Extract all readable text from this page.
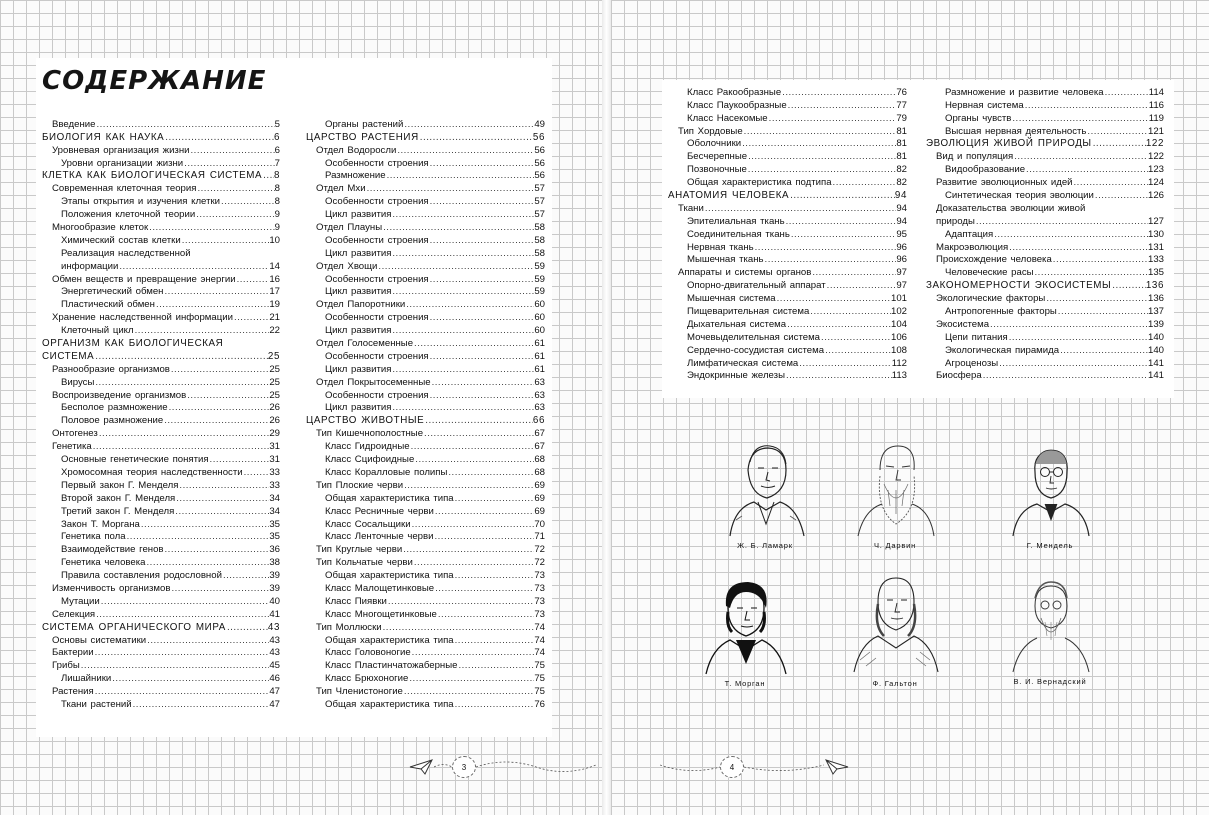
СОДЕРЖАНИЕ
Введение .....	5
БИОЛОГИЯ КАК НАУКА .....	6
Уровневая организация жизни .....	6
Уровни организации жизни .....	7
КЛЕТКА КАК БИОЛОГИЧЕСКАЯ СИСТЕМА ..... 8
Современная клеточная теория .....	8
Этапы открытия и изучения клетки .....	8
Положения клеточной теории .....	9
Многообразие клеток .....	9
Химический состав клетки .....	10
Реализация наследственной
информации .....	14
Обмен веществ и превращение энергии .....	16
Энергетический обмен .....	17
Пластический обмен .....	19
Хранение наследственной информации .....	21
Клеточный цикл .....	22
ОРГАНИЗМ КАК БИОЛОГИЧЕСКАЯ
СИСТЕМА .....	25
Разнообразие организмов .....	25
Вирусы .....	25
Воспроизведение организмов .....	25
Бесполое размножение .....	26
Половое размножение .....	26
Онтогенез .....	29
Генетика .....	31
Основные генетические понятия .....	31
Хромосомная теория наследственности .....	33
Первый закон Г. Менделя .....	33
Второй закон Г. Менделя .....	34
Третий закон Г. Менделя .....	34
Закон Т. Моргана .....	35
Генетика пола .....	35
Взаимодействие генов .....	36
Генетика человека .....	38
Правила составления родословной .....	39
Изменчивость организмов .....	39
Мутации .....	40
Селекция .....	41
СИСТЕМА ОРГАНИЧЕСКОГО МИРА .....	43
Основы систематики .....	43
Бактерии .....	43
Грибы .....	45
Лишайники .....	46
Растения .....	47
Ткани растений .....	47
Органы растений .....	49
ЦАРСТВО РАСТЕНИЯ .....	56
Отдел Водоросли .....	56
Особенности строения .....	56
Размножение .....	56
Отдел Мхи .....	57
Особенности строения .....	57
Цикл развития .....	57
Отдел Плауны .....	58
Особенности строения .....	58
Цикл развития .....	58
Отдел Хвощи .....	59
Особенности строения .....	59
Цикл развития .....	59
Отдел Папоротники .....	60
Особенности строения .....	60
Цикл развития .....	60
Отдел Голосеменные .....	61
Особенности строения .....	61
Цикл развития .....	61
Отдел Покрытосеменные .....	63
Особенности строения .....	63
Цикл развития .....	63
ЦАРСТВО ЖИВОТНЫЕ .....	66
Тип Кишечнополостные .....	67
Класс Гидроидные .....	67
Класс Сцифоидные .....	68
Класс Коралловые полипы .....	68
Тип Плоские черви .....	69
Общая характеристика типа .....	69
Класс Ресничные черви .....	69
Класс Сосальщики .....	70
Класс Ленточные черви .....	71
Тип Круглые черви .....	72
Тип Кольчатые черви .....	72
Общая характеристика типа .....	73
Класс Малощетинковые .....	73
Класс Пиявки .....	73
Класс Многощетинковые .....	73
Тип Моллюски .....	74
Общая характеристика типа .....	74
Класс Головоногие .....	74
Класс Пластинчатожаберные .....	75
Класс Брюхоногие .....	75
Тип Членистоногие .....	75
Общая характеристика типа .....	76
Класс Ракообразные .....	76
Класс Паукообразные .....	77
Класс Насекомые .....	79
Тип Хордовые .....	81
Оболочники .....	81
Бесчерепные .....	81
Позвоночные .....	82
Общая характеристика подтипа .....	82
АНАТОМИЯ ЧЕЛОВЕКА .....	94
Ткани .....	94
Эпителиальная ткань .....	94
Соединительная ткань .....	95
Нервная ткань .....	96
Мышечная ткань .....	96
Аппараты и системы органов .....	97
Опорно-двигательный аппарат .....	97
Мышечная система .....	101
Пищеварительная система .....	102
Дыхательная система .....	104
Мочевыделительная система .....	106
Сердечно-сосудистая система .....	108
Лимфатическая система .....	112
Эндокринные железы .....	113
Размножение и развитие человека .....	114
Нервная система .....	116
Органы чувств .....	119
Высшая нервная деятельность .....	121
ЭВОЛЮЦИЯ ЖИВОЙ ПРИРОДЫ .....	122
Вид и популяция .....	122
Видообразование .....	123
Развитие эволюционных идей .....	124
Синтетическая теория эволюции .....	126
Доказательства эволюции живой
природы .....	127
Адаптация .....	130
Макроэволюция .....	131
Происхождение человека .....	133
Человеческие расы .....	135
ЗАКОНОМЕРНОСТИ ЭКОСИСТЕМЫ .....	136
Экологические факторы .....	136
Антропогенные факторы .....	137
Экосистема .....	139
Цепи питания .....	140
Экологическая пирамида .....	140
Агроценозы .....	141
Биосфера .....	141
Ж. Б. Ламарк	Ч. Дарвин	Г. Мендель
Т. Морган	Ф. Гальтон	В. И. Вернадский
3	4
